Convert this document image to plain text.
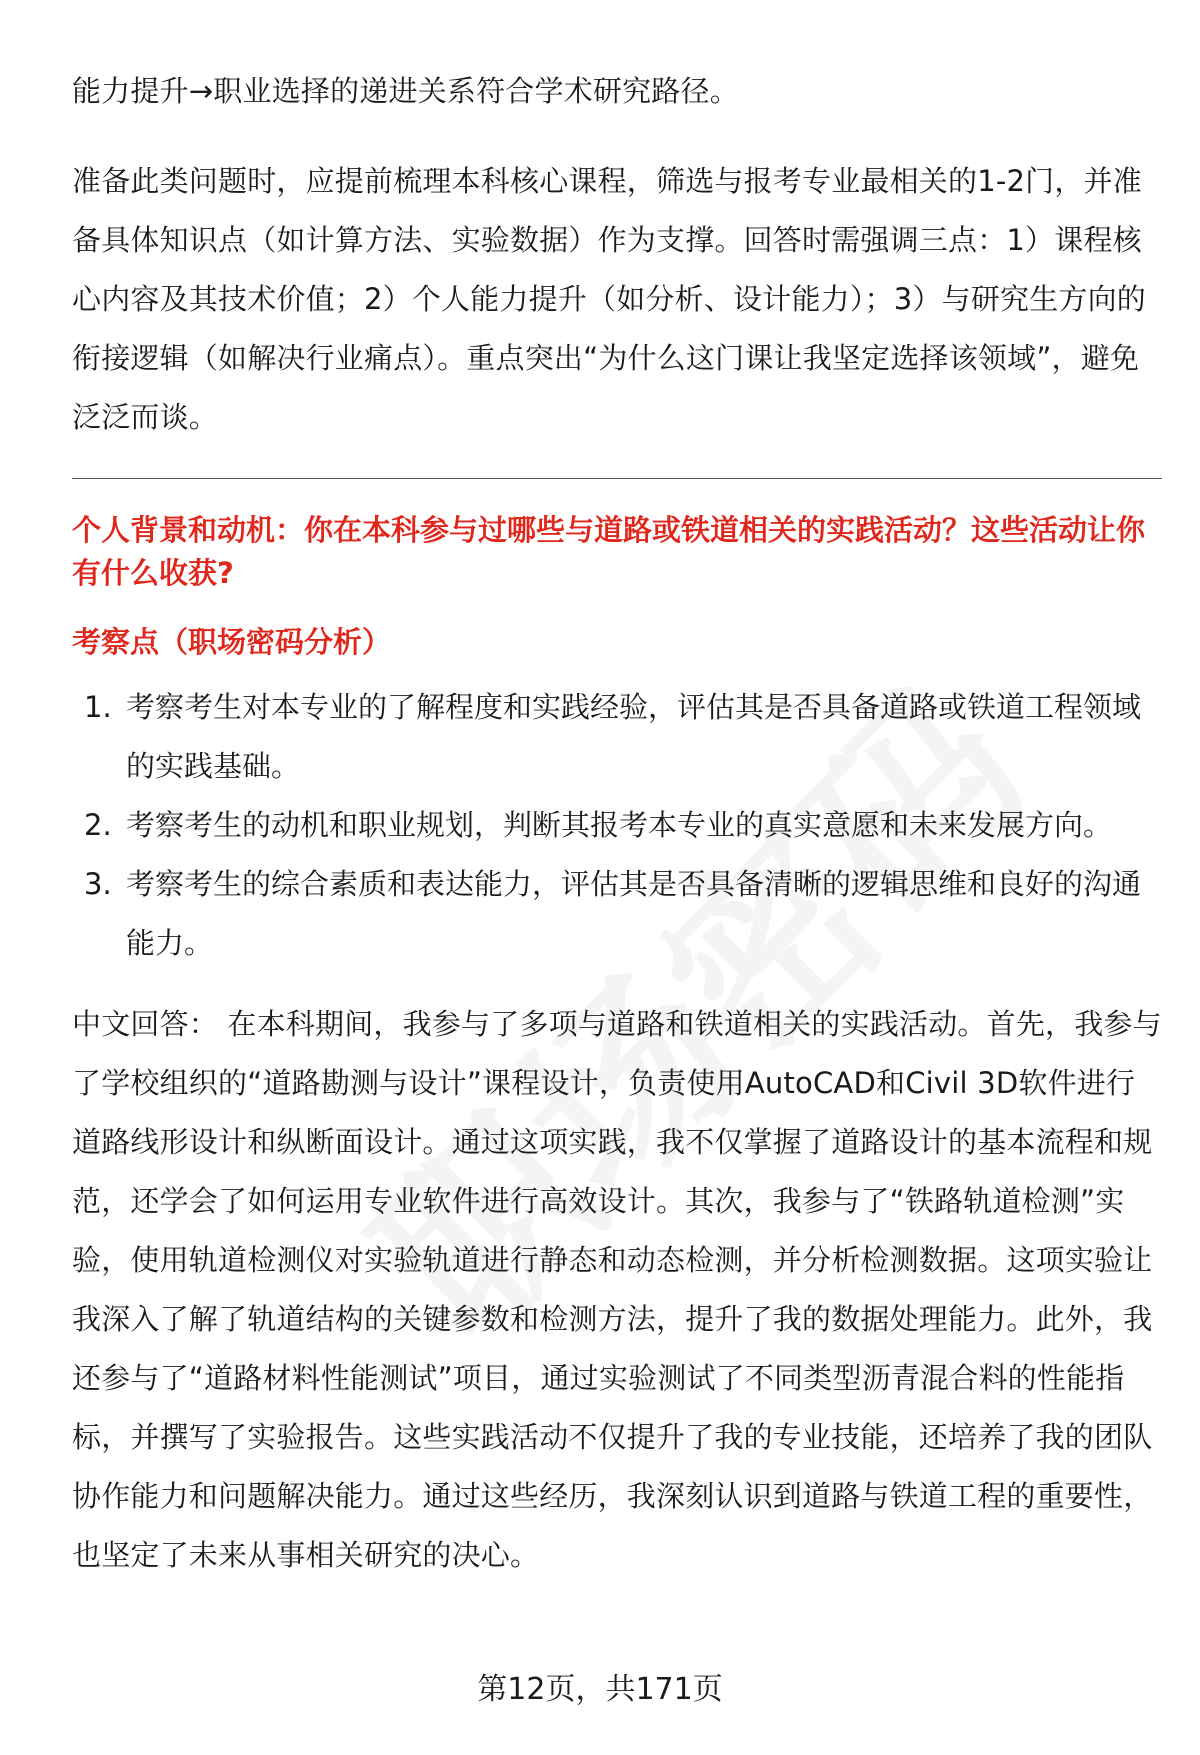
能力提升→职业选择的递进关系符合学术研究路径。

准备此类问题时，应提前梳理本科核心课程，筛选与报考专业最相关的1-2门，并准备具体知识点（如计算方法、实验数据）作为支撑。回答时需强调三点：1）课程核心内容及其技术价值；2）个人能力提升（如分析、设计能力）；3）与研究生方向的衔接逻辑（如解决行业痛点）。重点突出“为什么这门课让我坚定选择该领域”，避免泛泛而谈。

个人背景和动机：你在本科参与过哪些与道路或铁道相关的实践活动？这些活动让你有什么收获?

考察点（职场密码分析）

1. 考察考生对本专业的了解程度和实践经验，评估其是否具备道路或铁道工程领域的实践基础。
2. 考察考生的动机和职业规划，判断其报考本专业的真实意愿和未来发展方向。
3. 考察考生的综合素质和表达能力，评估其是否具备清晰的逻辑思维和良好的沟通能力。

中文回答： 在本科期间，我参与了多项与道路和铁道相关的实践活动。首先，我参与了学校组织的“道路勘测与设计”课程设计，负责使用AutoCAD和Civil 3D软件进行道路线形设计和纵断面设计。通过这项实践，我不仅掌握了道路设计的基本流程和规范，还学会了如何运用专业软件进行高效设计。其次，我参与了“铁路轨道检测”实验，使用轨道检测仪对实验轨道进行静态和动态检测，并分析检测数据。这项实验让我深入了解了轨道结构的关键参数和检测方法，提升了我的数据处理能力。此外，我还参与了“道路材料性能测试”项目，通过实验测试了不同类型沥青混合料的性能指标，并撰写了实验报告。这些实践活动不仅提升了我的专业技能，还培养了我的团队协作能力和问题解决能力。通过这些经历，我深刻认识到道路与铁道工程的重要性，也坚定了未来从事相关研究的决心。

第12页，共171页
